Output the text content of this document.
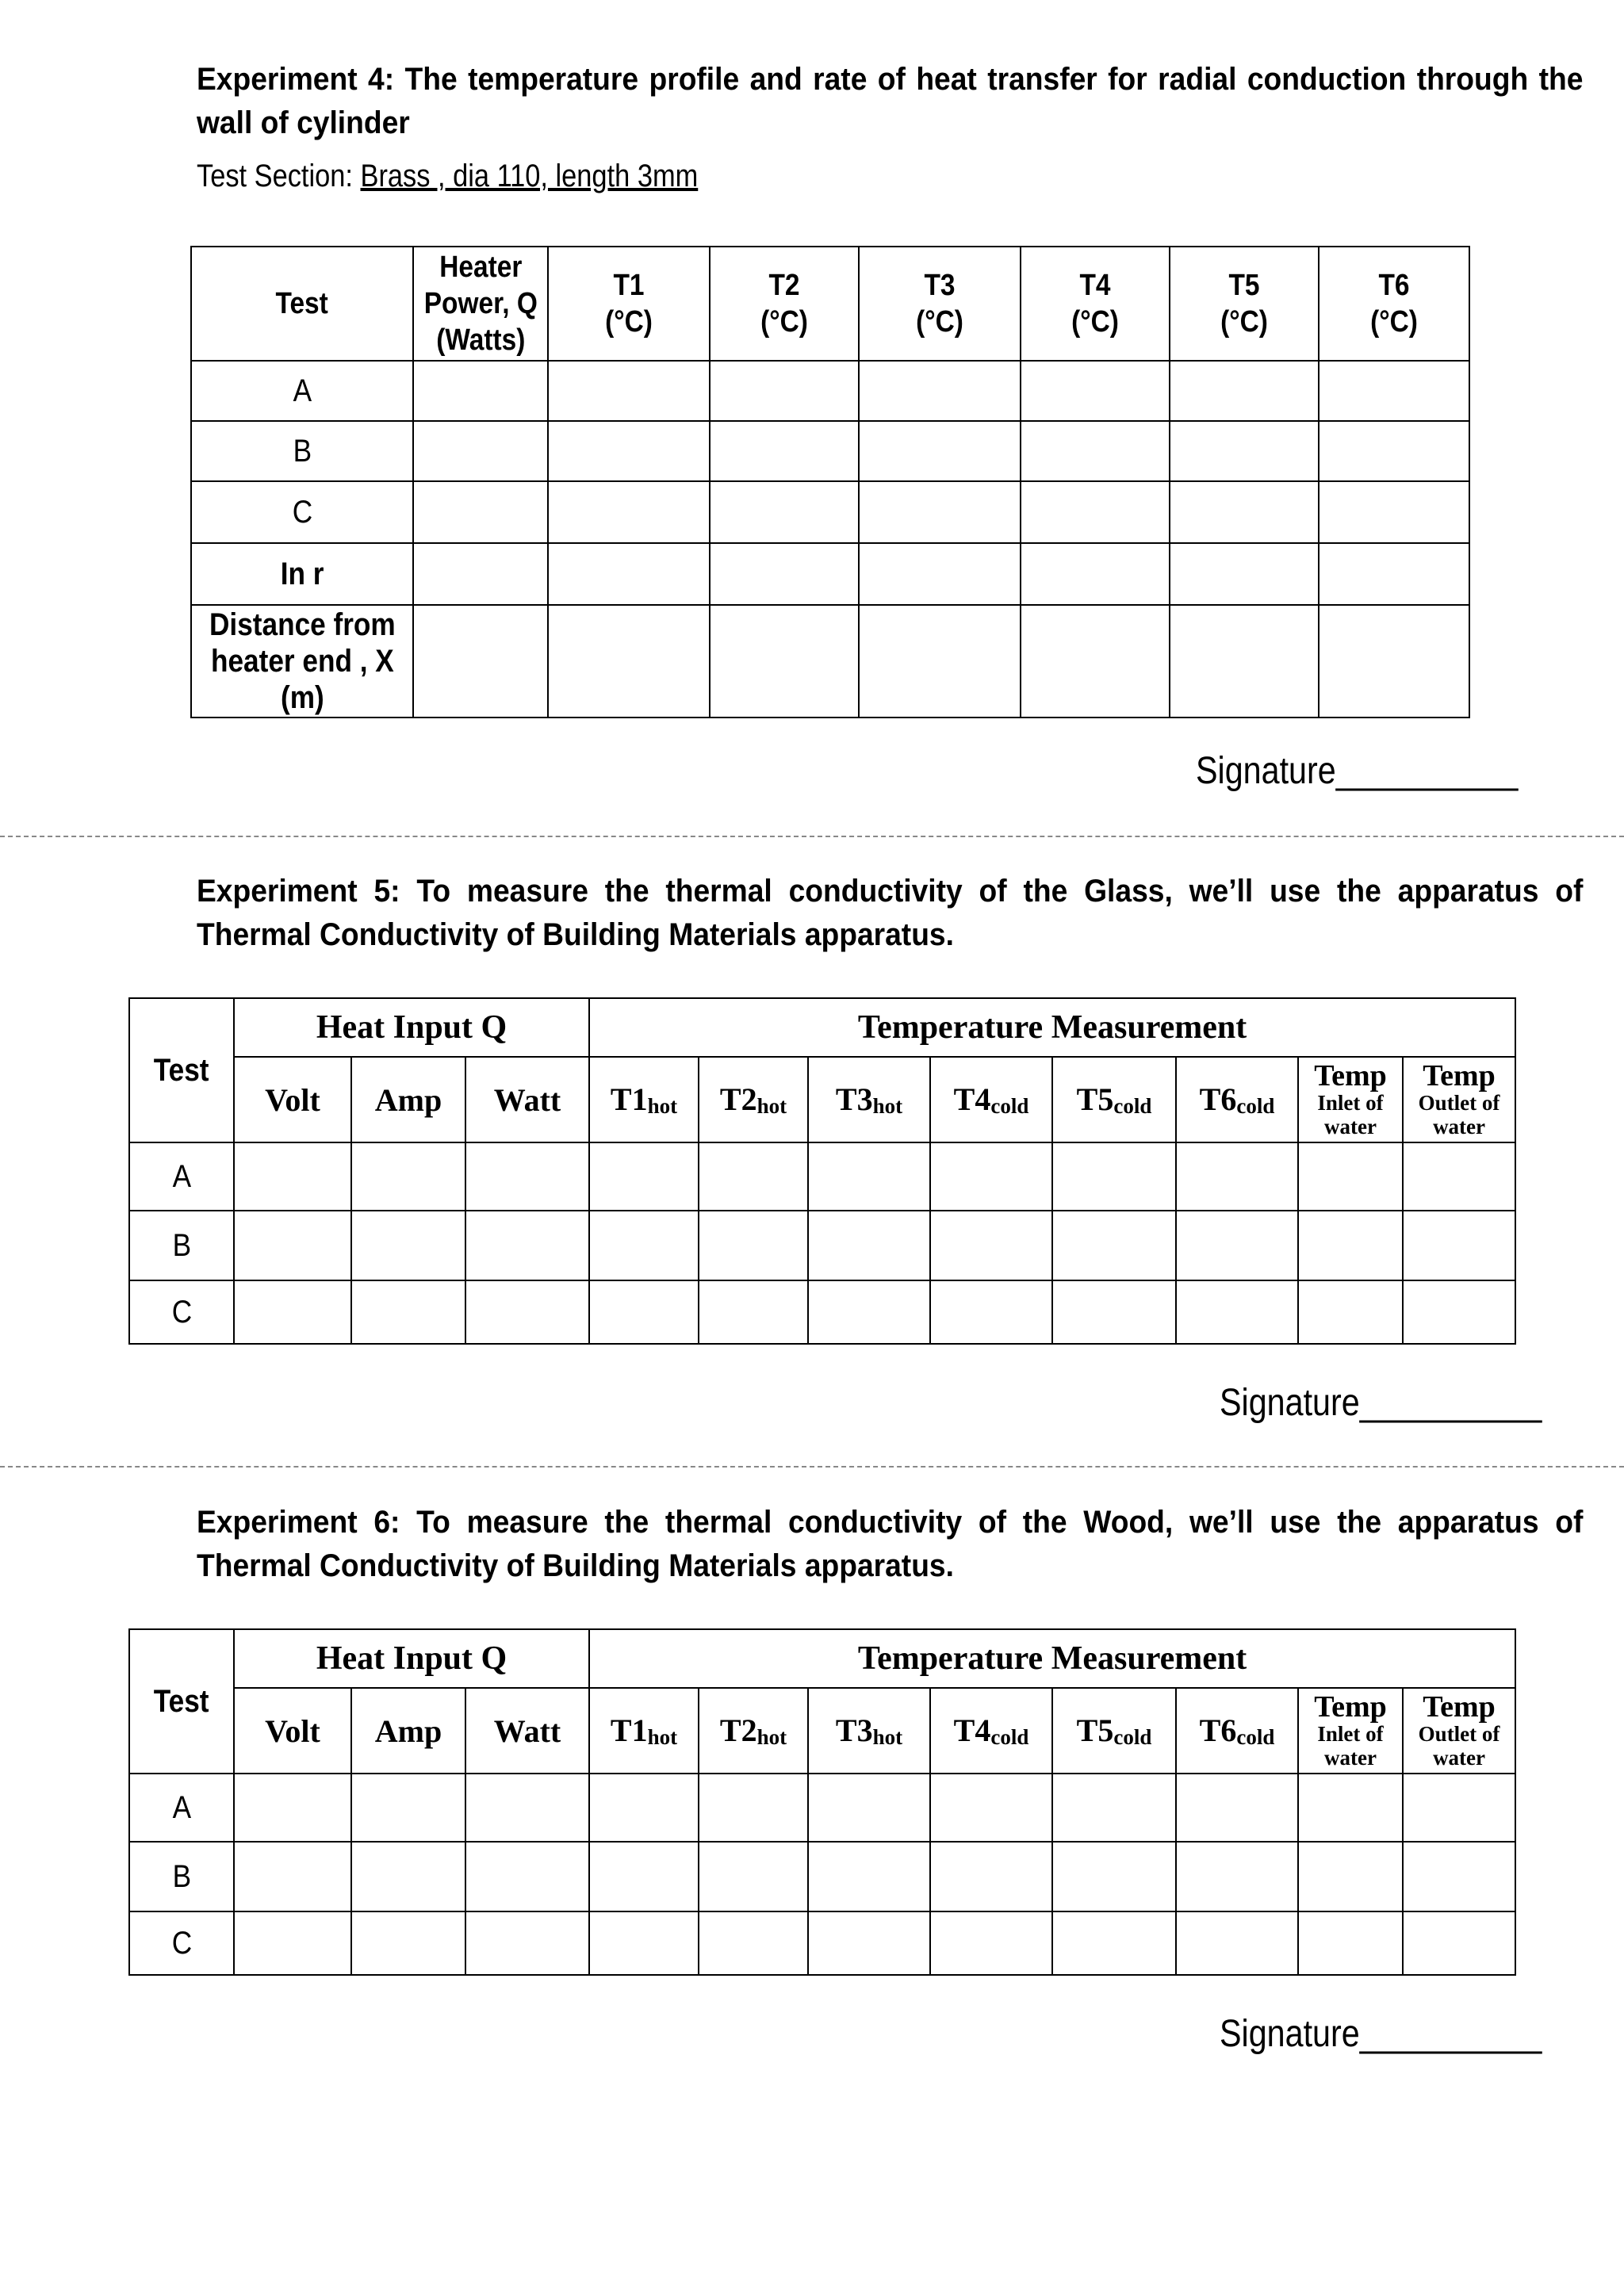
Experiment 4: The temperature profile and rate of heat transfer for radial conduction through the wall of cylinder
Test Section: Brass , dia 110, length 3mm
Test	Heater
Power, Q
(Watts)	T1
(°C)	T2
(°C)	T3
(°C)	T4
(°C)	T5
(°C)	T6
(°C)
A							
B							
C							
In r							
Distance from
heater end , X
(m)							
Signature__________
Experiment 5: To measure the thermal conductivity of the Glass, we’ll use the apparatus of Thermal Conductivity of Building Materials apparatus.
Test	Heat Input Q			Temperature Measurement							
	Volt	Amp	Watt	$T1_{hot}$	$T2_{hot}$	$T3_{hot}$	$T4_{cold}$	$T5_{cold}$	$T6_{cold}$	Temp
Inlet of
water	Temp
Outlet of
water

A											
B											
C											
Signature__________
Experiment 6: To measure the thermal conductivity of the Wood, we’ll use the apparatus of Thermal Conductivity of Building Materials apparatus.
Test	Heat Input Q			Temperature Measurement							
	Volt	Amp	Watt	$T1_{hot}$	$T2_{hot}$	$T3_{hot}$	$T4_{cold}$	$T5_{cold}$	$T6_{cold}$	Temp
Inlet of
water	Temp
Outlet of
water

A											
B											
C											
Signature__________
